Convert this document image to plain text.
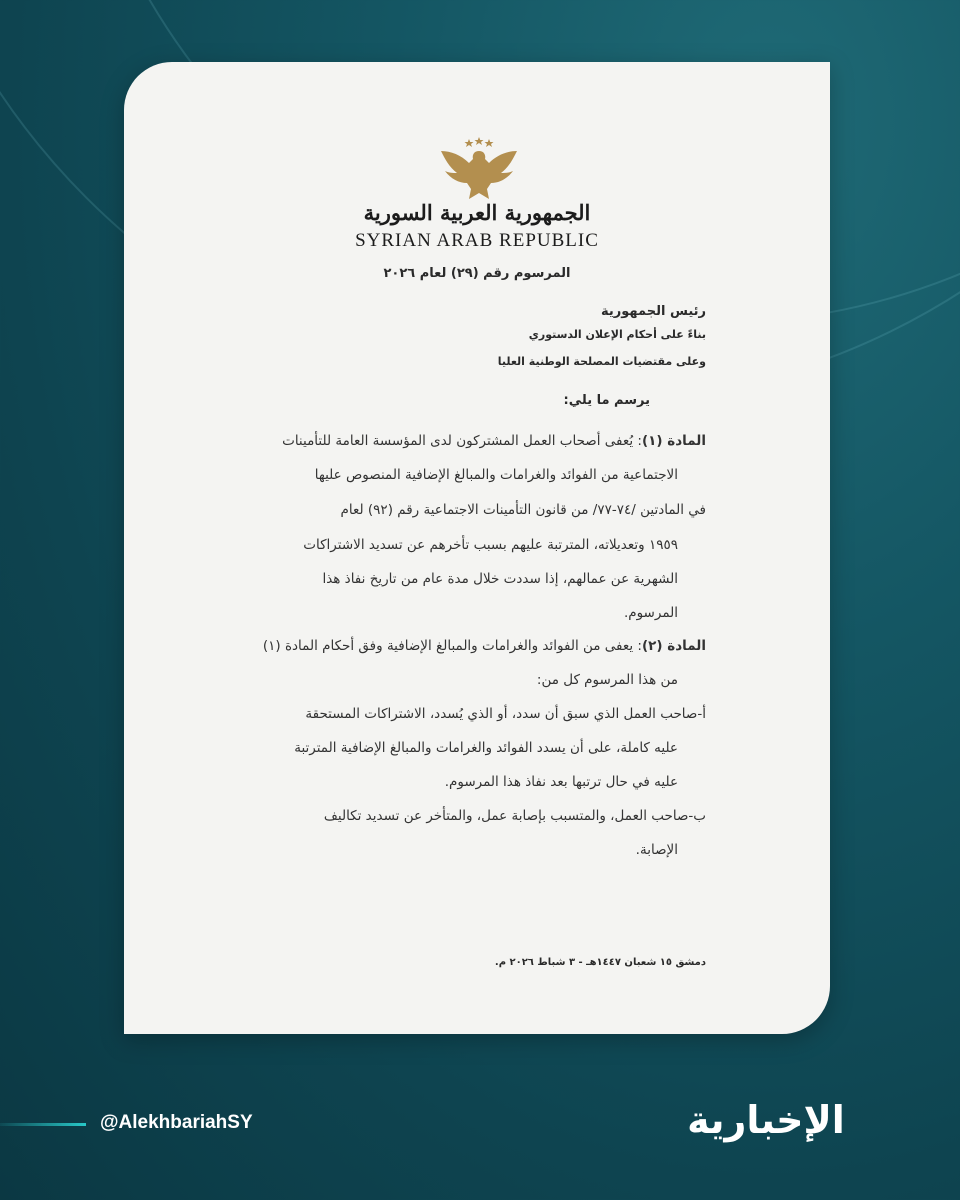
الجمهورية العربية السورية
SYRIAN ARAB REPUBLIC
المرسوم رقم (٢٩) لعام ٢٠٢٦
رئيس الجمهورية
بناءً على أحكام الإعلان الدستوري
وعلى مقتضيات المصلحة الوطنية العليا
يرسم ما يلي:
المادة (١): يُعفى أصحاب العمل المشتركون لدى المؤسسة العامة للتأمينات
الاجتماعية من الفوائد والغرامات والمبالغ الإضافية المنصوص عليها
في المادتين /٧٤-٧٧/ من قانون التأمينات الاجتماعية رقم (٩٢) لعام
١٩٥٩ وتعديلاته، المترتبة عليهم بسبب تأخرهم عن تسديد الاشتراكات
الشهرية عن عمالهم، إذا سددت خلال مدة عام من تاريخ نفاذ هذا
المرسوم.
المادة (٢): يعفى من الفوائد والغرامات والمبالغ الإضافية وفق أحكام المادة (١)
من هذا المرسوم كل من:
أ-صاحب العمل الذي سبق أن سدد، أو الذي يُسدد، الاشتراكات المستحقة
عليه كاملة، على أن يسدد الفوائد والغرامات والمبالغ الإضافية المترتبة
عليه في حال ترتبها بعد نفاذ هذا المرسوم.
ب-صاحب العمل، والمتسبب بإصابة عمل، والمتأخر عن تسديد تكاليف
الإصابة.
دمشق ١٥ شعبان ١٤٤٧هـ - ٣ شباط ٢٠٢٦ م.
@AlekhbariahSY	الإخبارية
